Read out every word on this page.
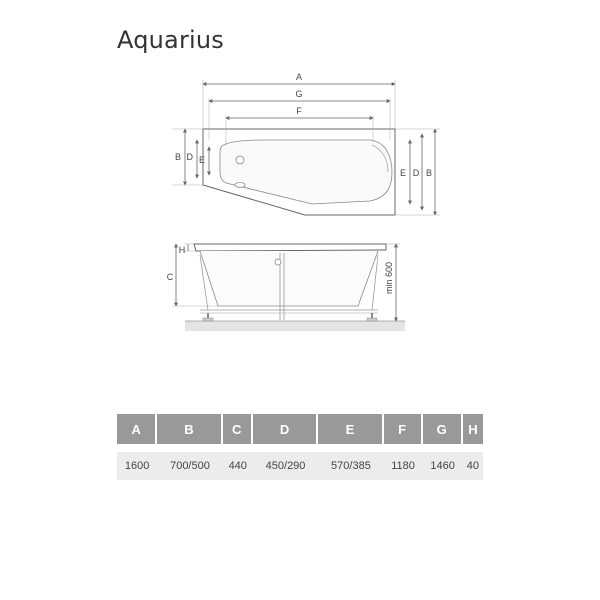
Aquarius
A
G
F
B D E
E D B
C
H
min 600
A	B	C	D	E	F	G	H

1600	700/500	440	450/290	570/385	1180	1460	40
